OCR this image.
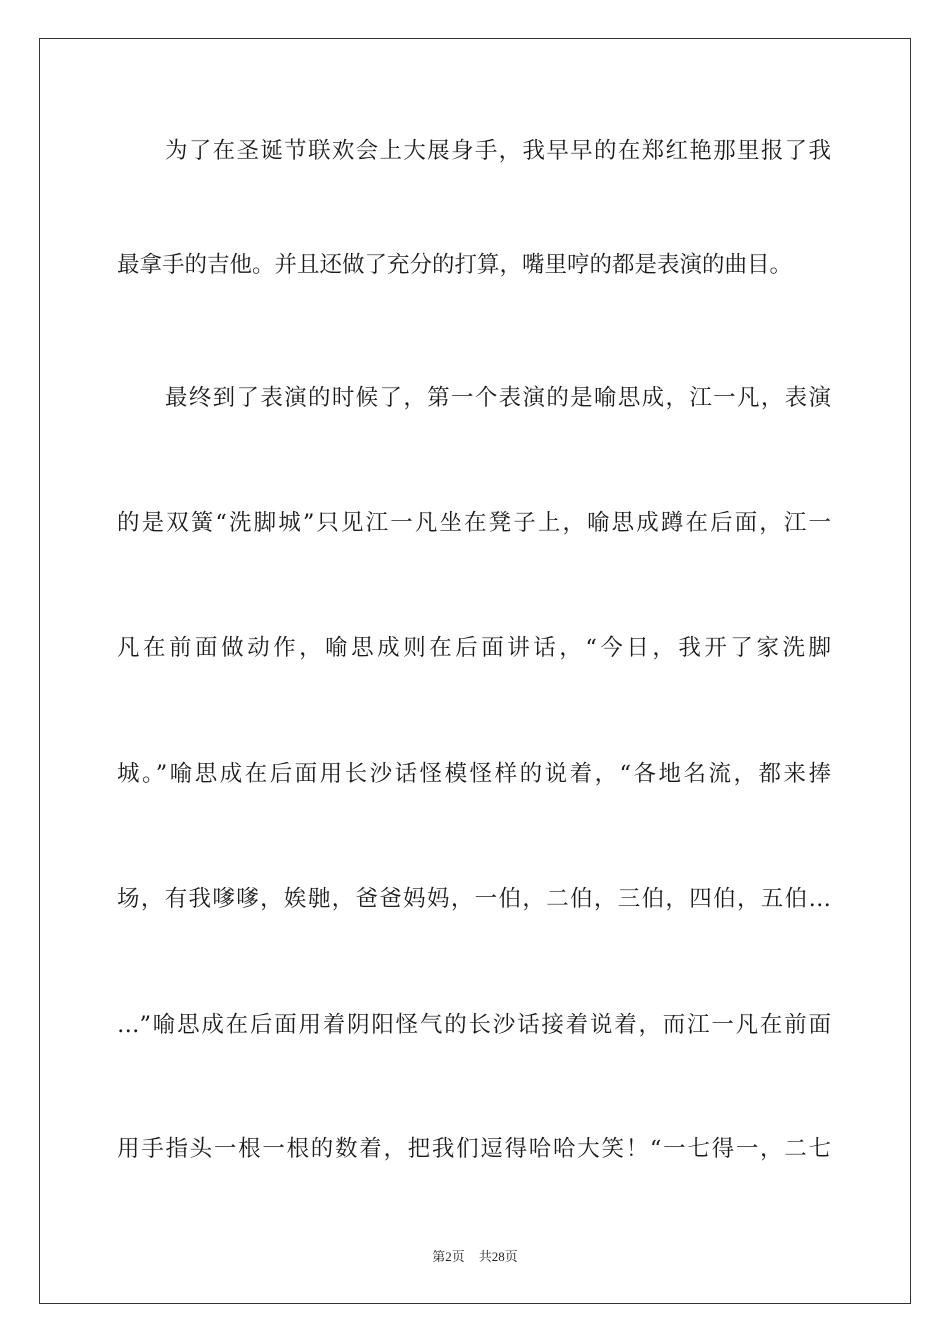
为了在圣诞节联欢会上大展身手，我早早的在郑红艳那里报了我
最拿手的吉他。并且还做了充分的打算，嘴里哼的都是表演的曲目。
最终到了表演的时候了，第一个表演的是喻思成，江一凡，表演
的是双簧“洗脚城”只见江一凡坐在凳子上，喻思成蹲在后面，江一
凡在前面做动作，喻思成则在后面讲话，“今日，我开了家洗脚
城。”喻思成在后面用长沙话怪模怪样的说着，“各地名流，都来捧
场，有我嗲嗲，娭毑，爸爸妈妈，一伯，二伯，三伯，四伯，五伯…
…”喻思成在后面用着阴阳怪气的长沙话接着说着，而江一凡在前面
用手指头一根一根的数着，把我们逗得哈哈大笑！“一七得一，二七
第2页 共28页
